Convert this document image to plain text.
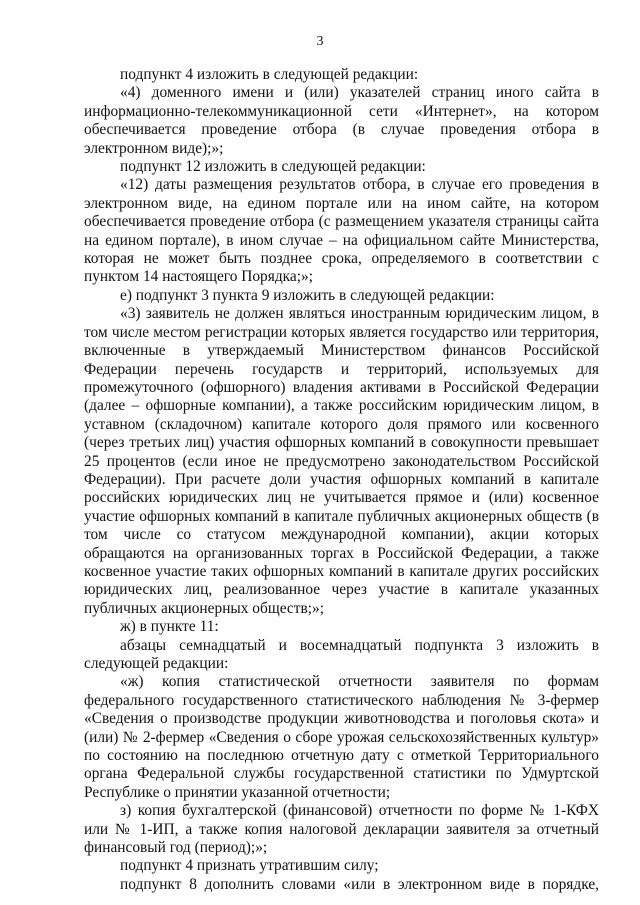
3

подпункт 4 изложить в следующей редакции:

«4) доменного имени и (или) указателей страниц иного сайта в информационно-телекоммуникационной сети «Интернет», на котором обеспечивается проведение отбора (в случае проведения отбора в электронном виде);»;

подпункт 12 изложить в следующей редакции:

«12) даты размещения результатов отбора, в случае его проведения в электронном виде, на едином портале или на ином сайте, на котором обеспечивается проведение отбора (с размещением указателя страницы сайта на едином портале), в ином случае – на официальном сайте Министерства, которая не может быть позднее срока, определяемого в соответствии с пунктом 14 настоящего Порядка;»;

е) подпункт 3 пункта 9 изложить в следующей редакции:

«3) заявитель не должен являться иностранным юридическим лицом, в том числе местом регистрации которых является государство или территория, включенные в утверждаемый Министерством финансов Российской Федерации перечень государств и территорий, используемых для промежуточного (офшорного) владения активами в Российской Федерации (далее – офшорные компании), а также российским юридическим лицом, в уставном (складочном) капитале которого доля прямого или косвенного (через третьих лиц) участия офшорных компаний в совокупности превышает 25 процентов (если иное не предусмотрено законодательством Российской Федерации). При расчете доли участия офшорных компаний в капитале российских юридических лиц не учитывается прямое и (или) косвенное участие офшорных компаний в капитале публичных акционерных обществ (в том числе со статусом международной компании), акции которых обращаются на организованных торгах в Российской Федерации, а также косвенное участие таких офшорных компаний в капитале других российских юридических лиц, реализованное через участие в капитале указанных публичных акционерных обществ;»;

ж) в пункте 11:

абзацы семнадцатый и восемнадцатый подпункта 3 изложить в следующей редакции:

«ж) копия статистической отчетности заявителя по формам федерального государственного статистического наблюдения № 3-фермер «Сведения о производстве продукции животноводства и поголовья скота» и (или) № 2-фермер «Сведения о сборе урожая сельскохозяйственных культур» по состоянию на последнюю отчетную дату с отметкой Территориального органа Федеральной службы государственной статистики по Удмуртской Республике о принятии указанной отчетности;

з) копия бухгалтерской (финансовой) отчетности по форме № 1-КФХ или № 1-ИП, а также копия налоговой декларации заявителя за отчетный финансовый год (период);»;

подпункт 4 признать утратившим силу;

подпункт 8 дополнить словами «или в электронном виде в порядке,
